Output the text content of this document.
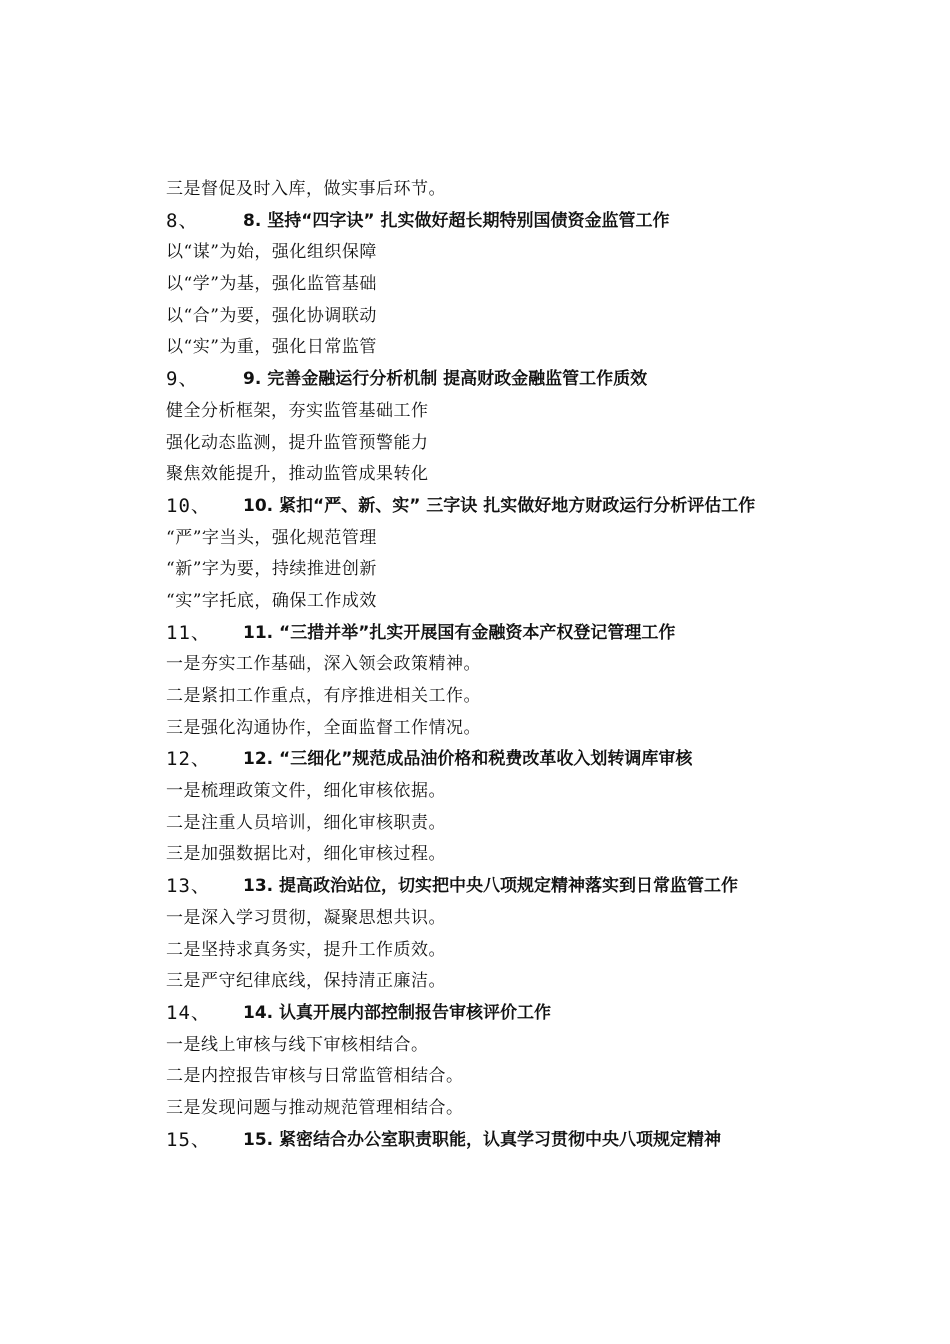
三是督促及时入库，做实事后环节。
8、	8. 坚持“四字诀” 扎实做好超长期特别国债资金监管工作
以“谋”为始，强化组织保障
以“学”为基，强化监管基础
以“合”为要，强化协调联动
以“实”为重，强化日常监管
9、	9. 完善金融运行分析机制 提高财政金融监管工作质效
健全分析框架，夯实监管基础工作
强化动态监测，提升监管预警能力
聚焦效能提升，推动监管成果转化
10、	10. 紧扣“严、新、实” 三字诀 扎实做好地方财政运行分析评估工作
“严”字当头，强化规范管理
“新”字为要，持续推进创新
“实”字托底，确保工作成效
11、	11. “三措并举”扎实开展国有金融资本产权登记管理工作
一是夯实工作基础，深入领会政策精神。
二是紧扣工作重点，有序推进相关工作。
三是强化沟通协作，全面监督工作情况。
12、	12. “三细化”规范成品油价格和税费改革收入划转调库审核
一是梳理政策文件，细化审核依据。
二是注重人员培训，细化审核职责。
三是加强数据比对，细化审核过程。
13、	13. 提高政治站位，切实把中央八项规定精神落实到日常监管工作
一是深入学习贯彻，凝聚思想共识。
二是坚持求真务实，提升工作质效。
三是严守纪律底线，保持清正廉洁。
14、	14. 认真开展内部控制报告审核评价工作
一是线上审核与线下审核相结合。
二是内控报告审核与日常监管相结合。
三是发现问题与推动规范管理相结合。
15、	15. 紧密结合办公室职责职能，认真学习贯彻中央八项规定精神
